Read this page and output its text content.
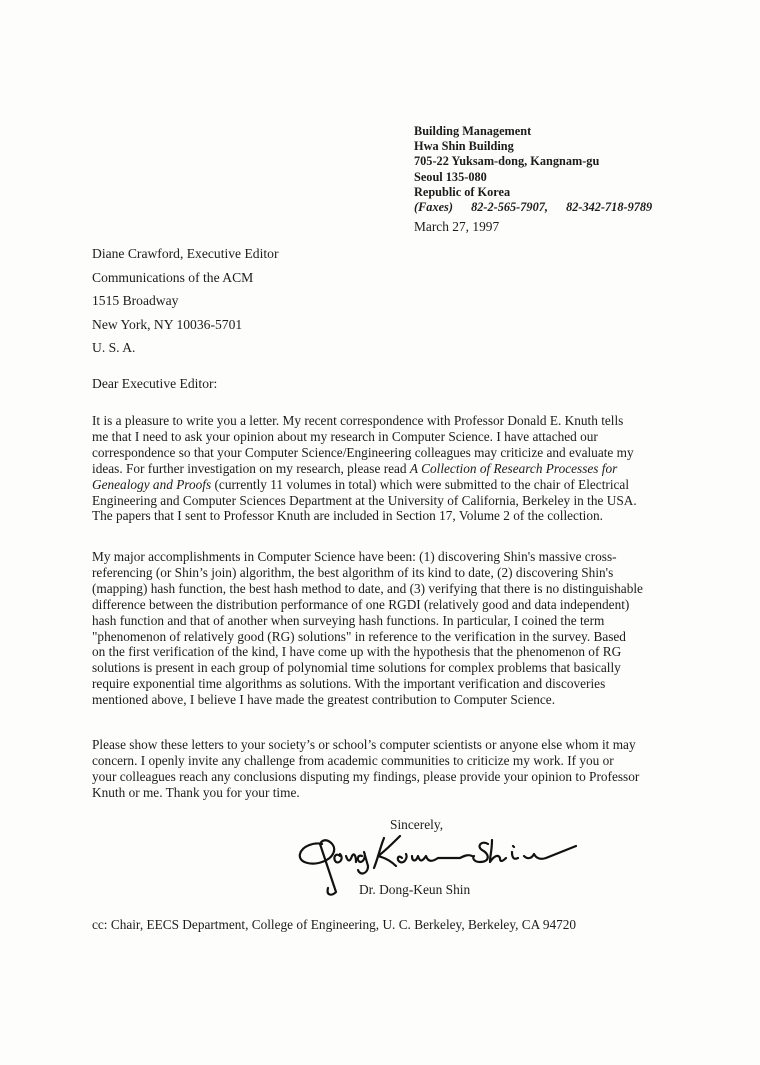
Building Management
Hwa Shin Building
705-22 Yuksam-dong, Kangnam-gu
Seoul 135-080
Republic of Korea
(Faxes) 82-2-565-7907, 82-342-718-9789
March 27, 1997
Diane Crawford, Executive Editor
Communications of the ACM
1515 Broadway
New York, NY 10036-5701
U. S. A.
Dear Executive Editor:
It is a pleasure to write you a letter. My recent correspondence with Professor Donald E. Knuth tells
me that I need to ask your opinion about my research in Computer Science. I have attached our
correspondence so that your Computer Science/Engineering colleagues may criticize and evaluate my
ideas. For further investigation on my research, please read A Collection of Research Processes for
Genealogy and Proofs (currently 11 volumes in total) which were submitted to the chair of Electrical
Engineering and Computer Sciences Department at the University of California, Berkeley in the USA.
The papers that I sent to Professor Knuth are included in Section 17, Volume 2 of the collection.
My major accomplishments in Computer Science have been: (1) discovering Shin's massive cross-
referencing (or Shin’s join) algorithm, the best algorithm of its kind to date, (2) discovering Shin's
(mapping) hash function, the best hash method to date, and (3) verifying that there is no distinguishable
difference between the distribution performance of one RGDI (relatively good and data independent)
hash function and that of another when surveying hash functions. In particular, I coined the term
"phenomenon of relatively good (RG) solutions" in reference to the verification in the survey. Based
on the first verification of the kind, I have come up with the hypothesis that the phenomenon of RG
solutions is present in each group of polynomial time solutions for complex problems that basically
require exponential time algorithms as solutions. With the important verification and discoveries
mentioned above, I believe I have made the greatest contribution to Computer Science.
Please show these letters to your society’s or school’s computer scientists or anyone else whom it may
concern. I openly invite any challenge from academic communities to criticize my work. If you or
your colleagues reach any conclusions disputing my findings, please provide your opinion to Professor
Knuth or me. Thank you for your time.
Sincerely,
Dr. Dong-Keun Shin
cc: Chair, EECS Department, College of Engineering, U. C. Berkeley, Berkeley, CA 94720
